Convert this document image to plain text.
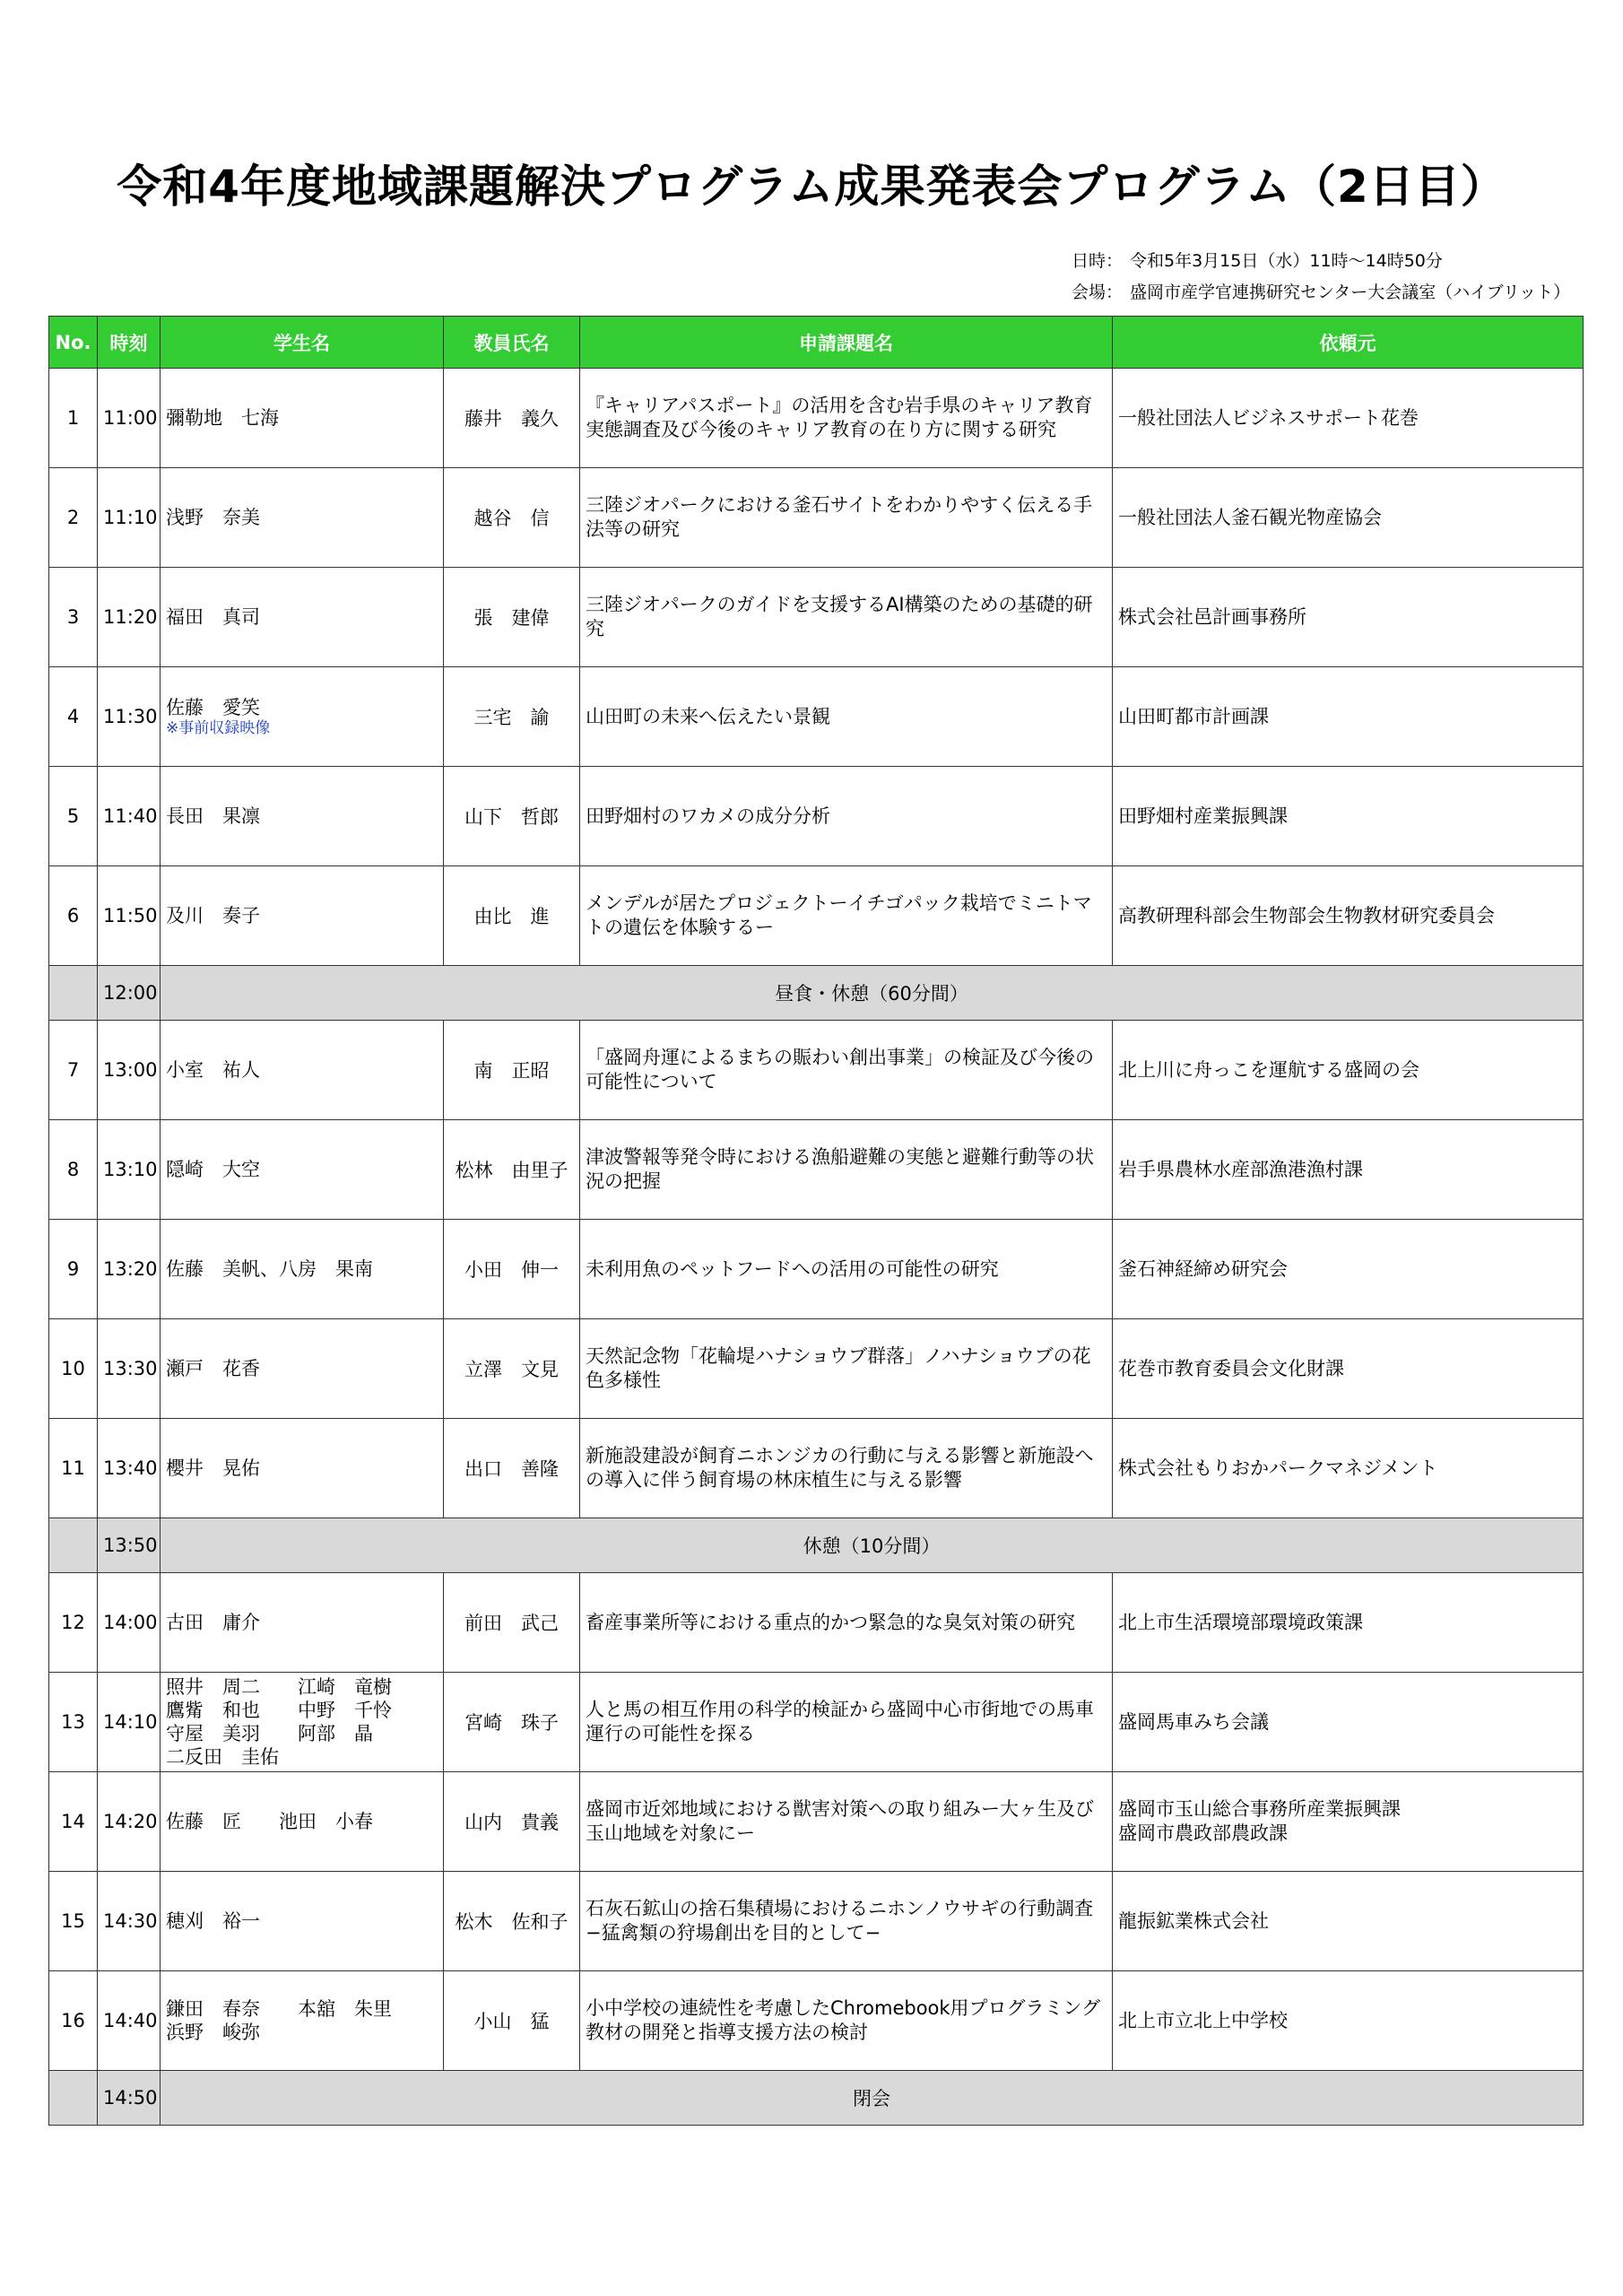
令和4年度地域課題解決プログラム成果発表会プログラム（2日目）
日時： 令和5年3月15日（水）11時～14時50分
会場： 盛岡市産学官連携研究センター大会議室（ハイブリット）
No.	時刻	学生名	教員氏名	申請課題名	依頼元
1	11:00	彌勒地　七海	藤井　義久	『キャリアパスポート』の活用を含む岩手県のキャリア教育実態調査及び今後のキャリア教育の在り方に関する研究	一般社団法人ビジネスサポート花巻
2	11:10	浅野　奈美	越谷　信	三陸ジオパークにおける釜石サイトをわかりやすく伝える手法等の研究	一般社団法人釜石観光物産協会
3	11:20	福田　真司	張　建偉	三陸ジオパークのガイドを支援するAI構築のための基礎的研究	株式会社邑計画事務所
4	11:30	佐藤　愛笑
※事前収録映像	三宅　諭	山田町の未来へ伝えたい景観	山田町都市計画課
5	11:40	長田　果凛	山下　哲郎	田野畑村のワカメの成分分析	田野畑村産業振興課
6	11:50	及川　奏子	由比　進	メンデルが居たプロジェクトーイチゴパック栽培でミニトマトの遺伝を体験するー	高教研理科部会生物部会生物教材研究委員会
	12:00	昼食・休憩（60分間）			
7	13:00	小室　祐人	南　正昭	「盛岡舟運によるまちの賑わい創出事業」の検証及び今後の可能性について	北上川に舟っこを運航する盛岡の会
8	13:10	隠崎　大空	松林　由里子	津波警報等発令時における漁船避難の実態と避難行動等の状況の把握	岩手県農林水産部漁港漁村課
9	13:20	佐藤　美帆、八房　果南	小田　伸一	未利用魚のペットフードへの活用の可能性の研究	釜石神経締め研究会
10	13:30	瀬戸　花香	立澤　文見	天然記念物「花輪堤ハナショウブ群落」ノハナショウブの花色多様性	花巻市教育委員会文化財課
11	13:40	櫻井　晃佑	出口　善隆	新施設建設が飼育ニホンジカの行動に与える影響と新施設への導入に伴う飼育場の林床植生に与える影響	株式会社もりおかパークマネジメント
	13:50	休憩（10分間）			
12	14:00	古田　庸介	前田　武己	畜産事業所等における重点的かつ緊急的な臭気対策の研究	北上市生活環境部環境政策課
13	14:10	照井　周二　　江崎　竜樹
鷹觜　和也　　中野　千怜
守屋　美羽　　阿部　晶
二反田　圭佑	宮崎　珠子	人と馬の相互作用の科学的検証から盛岡中心市街地での馬車運行の可能性を探る	盛岡馬車みち会議
14	14:20	佐藤　匠　　池田　小春	山内　貴義	盛岡市近郊地域における獣害対策への取り組みー大ヶ生及び玉山地域を対象にー	盛岡市玉山総合事務所産業振興課
盛岡市農政部農政課
15	14:30	穂刈　裕一	松木　佐和子	石灰石鉱山の捨石集積場におけるニホンノウサギの行動調査−猛禽類の狩場創出を目的として−	龍振鉱業株式会社
16	14:40	鎌田　春奈　　本舘　朱里
浜野　峻弥	小山　猛	小中学校の連続性を考慮したChromebook用プログラミング教材の開発と指導支援方法の検討	北上市立北上中学校
	14:50	閉会			
